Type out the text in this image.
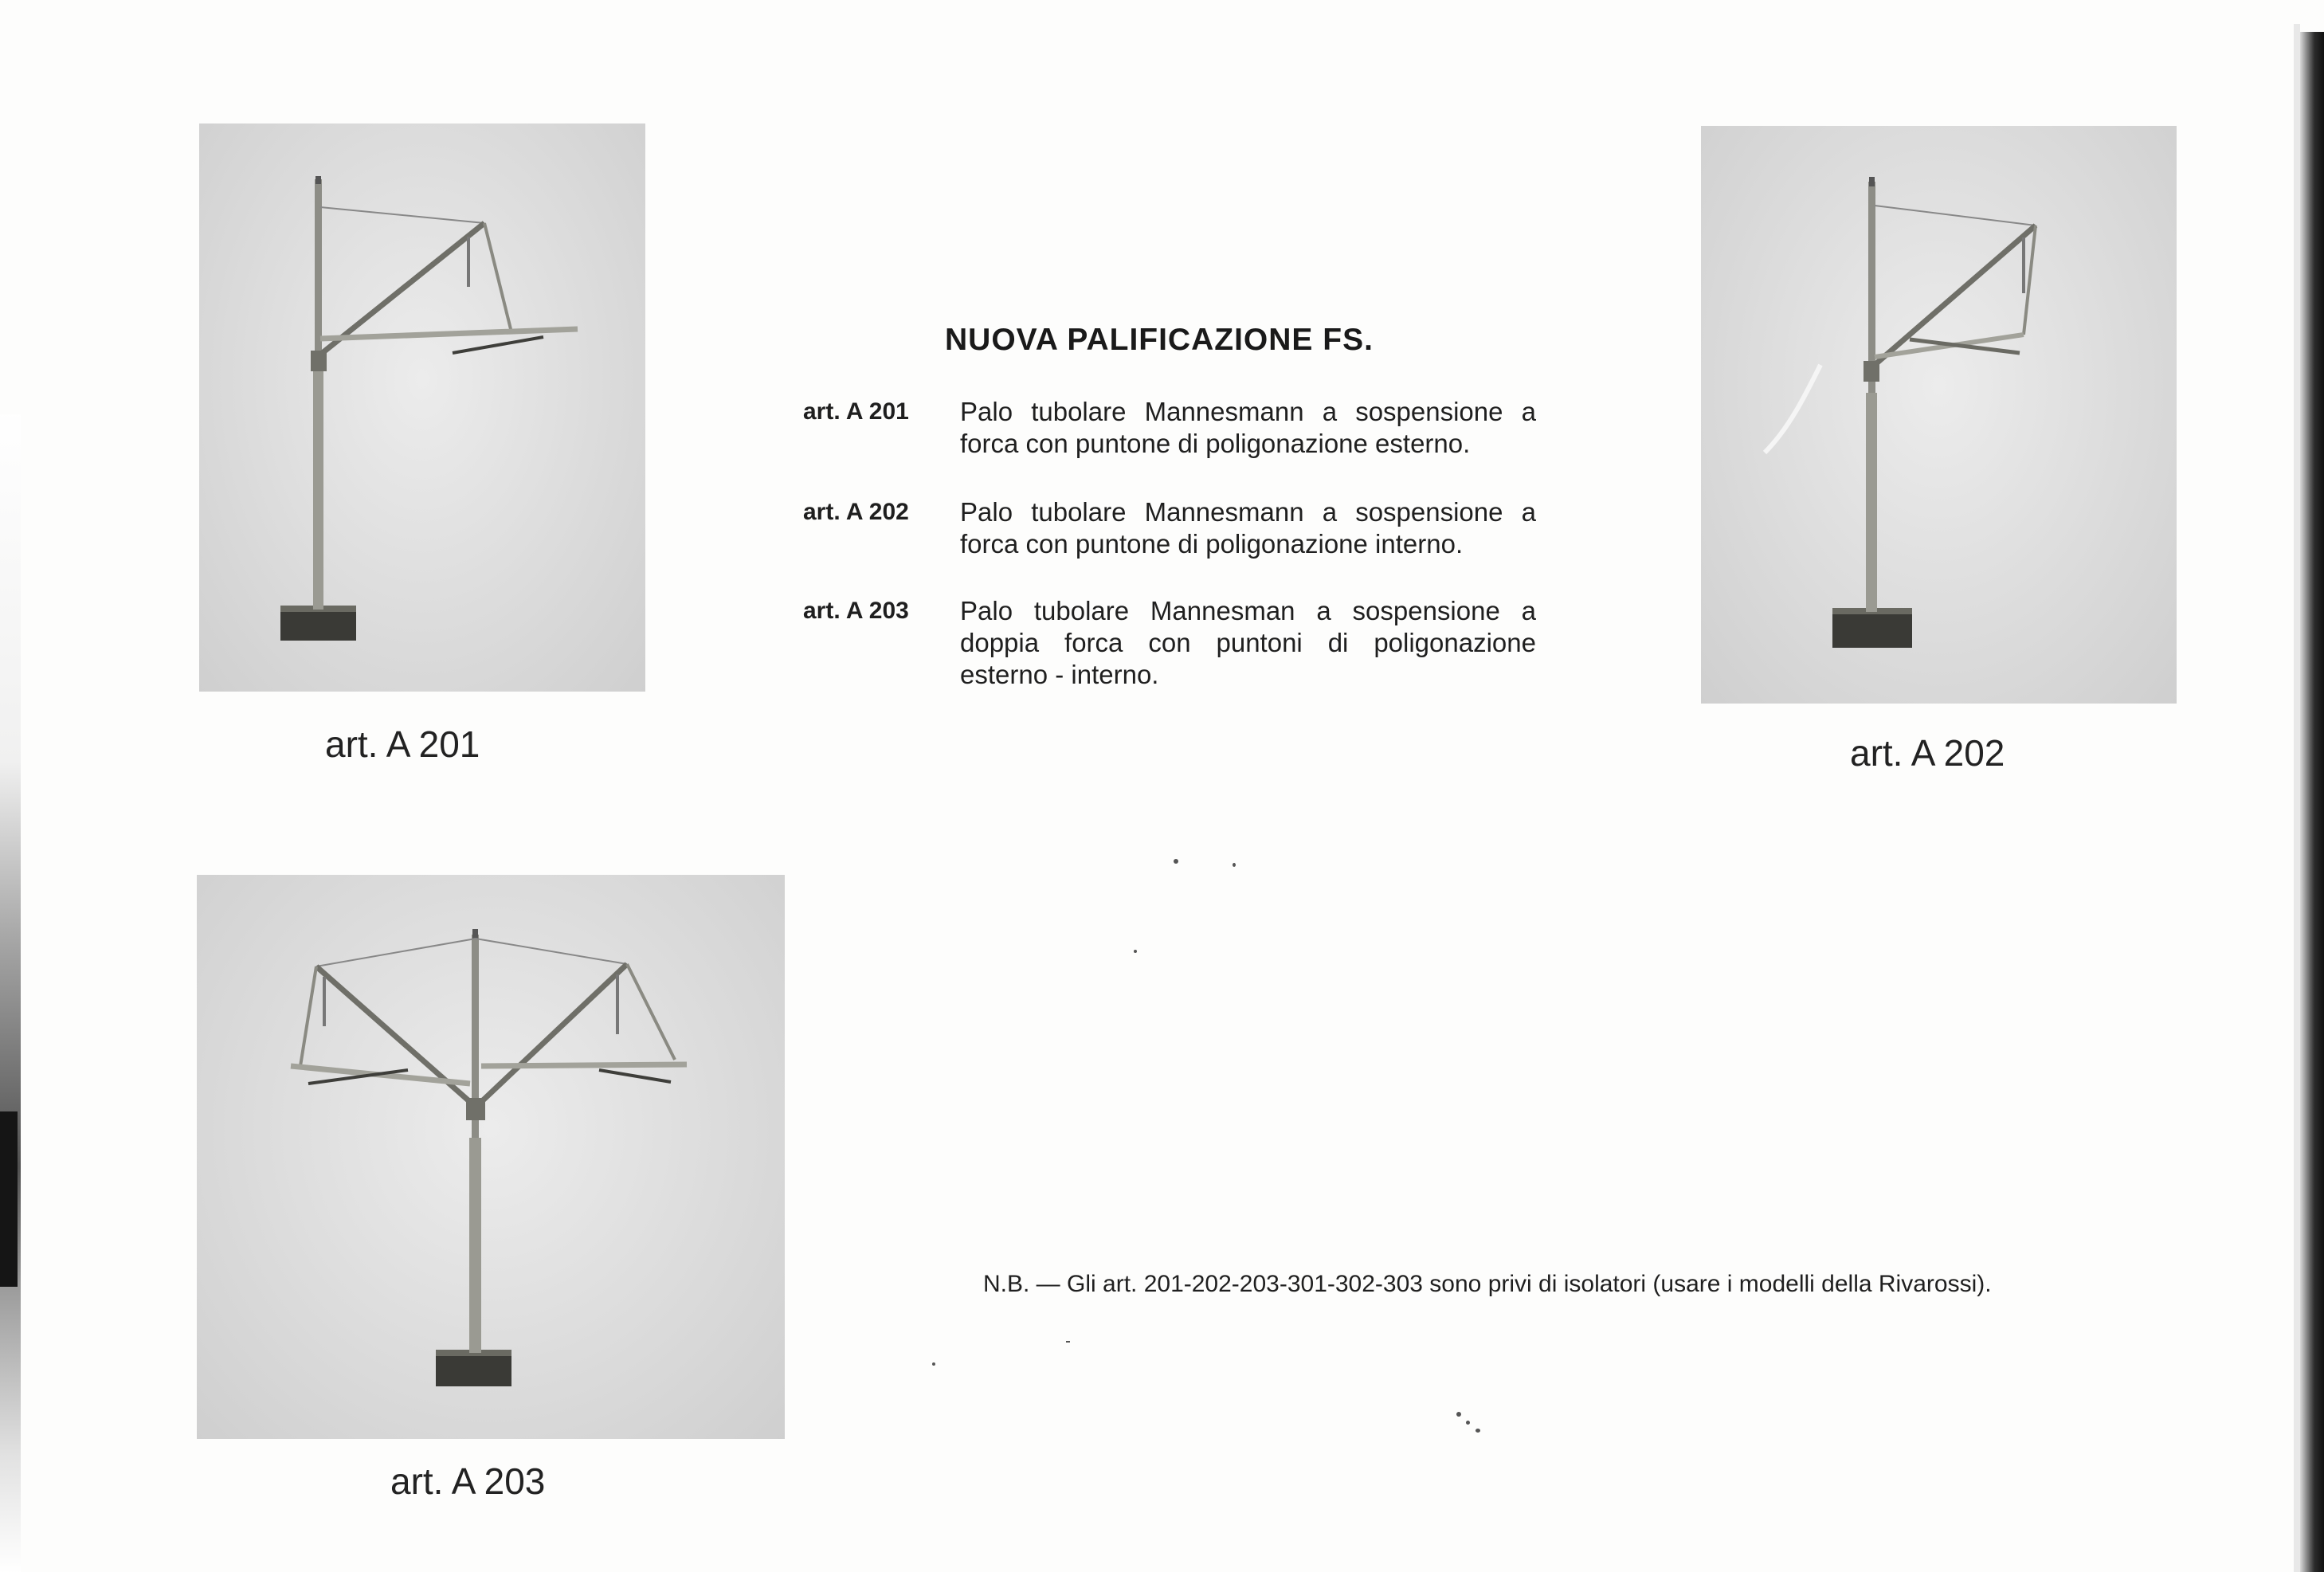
art. A 201
NUOVA PALIFICAZIONE FS.
art. A 201 Palo tubolare Mannesmann a sospensione a forca con puntone di poligonazione esterno.
art. A 202 Palo tubolare Mannesmann a sospensione a forca con puntone di poligonazione interno.
art. A 203 Palo tubolare Mannesman a sospensione a doppia forca con puntoni di poligonazione esterno - interno.
art. A 202
art. A 203
N.B. — Gli art. 201-202-203-301-302-303 sono privi di isolatori (usare i modelli della Rivarossi).
